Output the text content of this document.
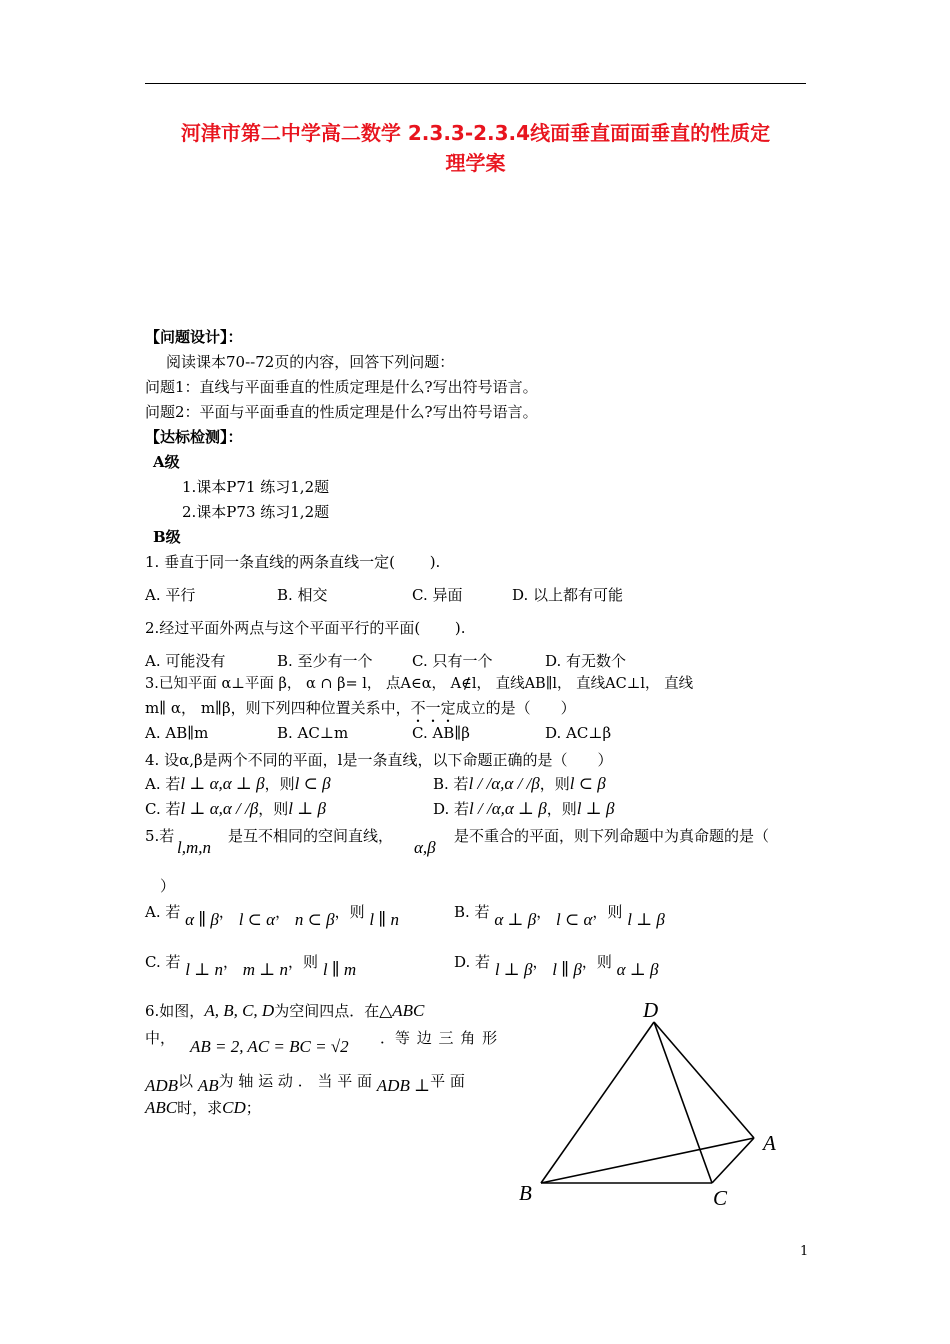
河津市第二中学高二数学 2.3.3-2.3.4线面垂直面面垂直的性质定
理学案
【问题设计】：
阅读课本70--72页的内容，回答下列问题：
问题1：直线与平面垂直的性质定理是什么?写出符号语言。
问题2：平面与平面垂直的性质定理是什么?写出符号语言。
【达标检测】：
A级
1.课本P71 练习1,2题
2.课本P73 练习1,2题
B级
1. 垂直于同一条直线的两条直线一定(　　 ).
A. 平行	B. 相交	C. 异面	D. 以上都有可能
2.经过平面外两点与这个平面平行的平面(　　 ).
A. 可能没有	B. 至少有一个	C. 只有一个	D. 有无数个
3.已知平面 α⊥平面 β， α ∩ β= l， 点A∈α， A∉l， 直线AB∥l， 直线AC⊥l， 直线
m∥ α， m∥β，则下列四种位置关系中，不一定成立的是（　　）
A. AB∥m	B. AC⊥m	C. AB∥β	D. AC⊥β
4. 设α,β是两个不同的平面，l是一条直线，以下命题正确的是（　　）
A. 若l ⊥ α,α ⊥ β，则l ⊂ β	B. 若l / /α,α / /β，则l ⊂ β
C. 若l ⊥ α,α / /β，则l ⊥ β	D. 若l / /α,α ⊥ β，则l ⊥ β
5.若
l,m,n
是互不相同的空间直线，
α,β
是不重合的平面，则下列命题中为真命题的是（
）
A. 若 α ∥ β， l ⊂ α， n ⊂ β，则 l ∥ n	B. 若 α ⊥ β， l ⊂ α，则 l ⊥ β
C. 若 l ⊥ n， m ⊥ n，则 l ∥ m	D. 若 l ⊥ β， l ∥ β，则 α ⊥ β
6.如图，A, B, C, D为空间四点．在△ABC
中， AB = 2, AC = BC = √2 ．等 边 三 角 形
ADB以 AB为 轴 运 动 ． 当 平 面 ADB ⊥平 面
ABC时，求CD；
D
A
B	C
1
